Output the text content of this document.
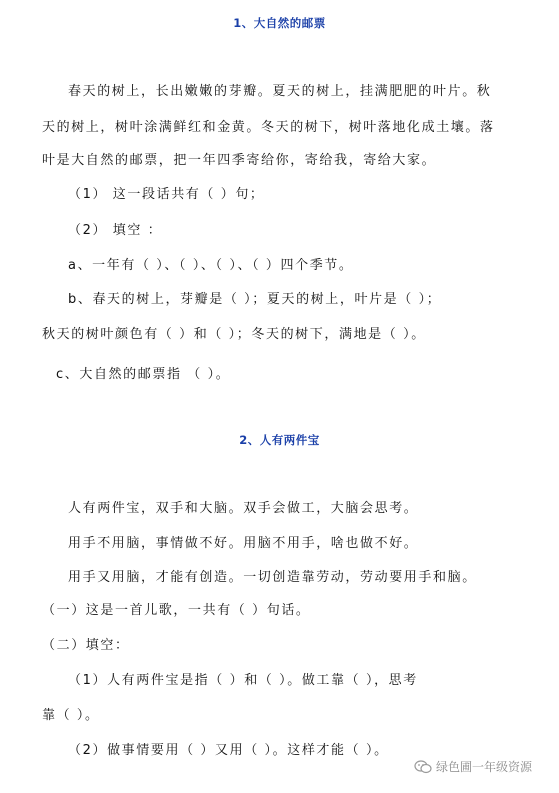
1、大自然的邮票
春天的树上，长出嫩嫩的芽瓣。夏天的树上，挂满肥肥的叶片。秋
天的树上，树叶涂满鲜红和金黄。冬天的树下，树叶落地化成土壤。落
叶是大自然的邮票，把一年四季寄给你，寄给我，寄给大家。
（1） 这一段话共有（ ）句；
（2） 填空 ：
a、一年有（ ）、（ ）、（ ）、（ ）四个季节。
b、春天的树上，芽瓣是（ ）；夏天的树上，叶片是（ ）；
秋天的树叶颜色有（ ）和（ ）；冬天的树下，满地是（ ）。
c、大自然的邮票指 （ ）。
2、人有两件宝
人有两件宝，双手和大脑。双手会做工，大脑会思考。
用手不用脑，事情做不好。用脑不用手，啥也做不好。
用手又用脑，才能有创造。一切创造靠劳动，劳动要用手和脑。
（一）这是一首儿歌，一共有（ ）句话。
（二）填空：
（1）人有两件宝是指（ ）和（ ）。做工靠（ ），思考
靠（ ）。
（2）做事情要用（ ）又用（ ）。这样才能（ ）。
绿色圃一年级资源
